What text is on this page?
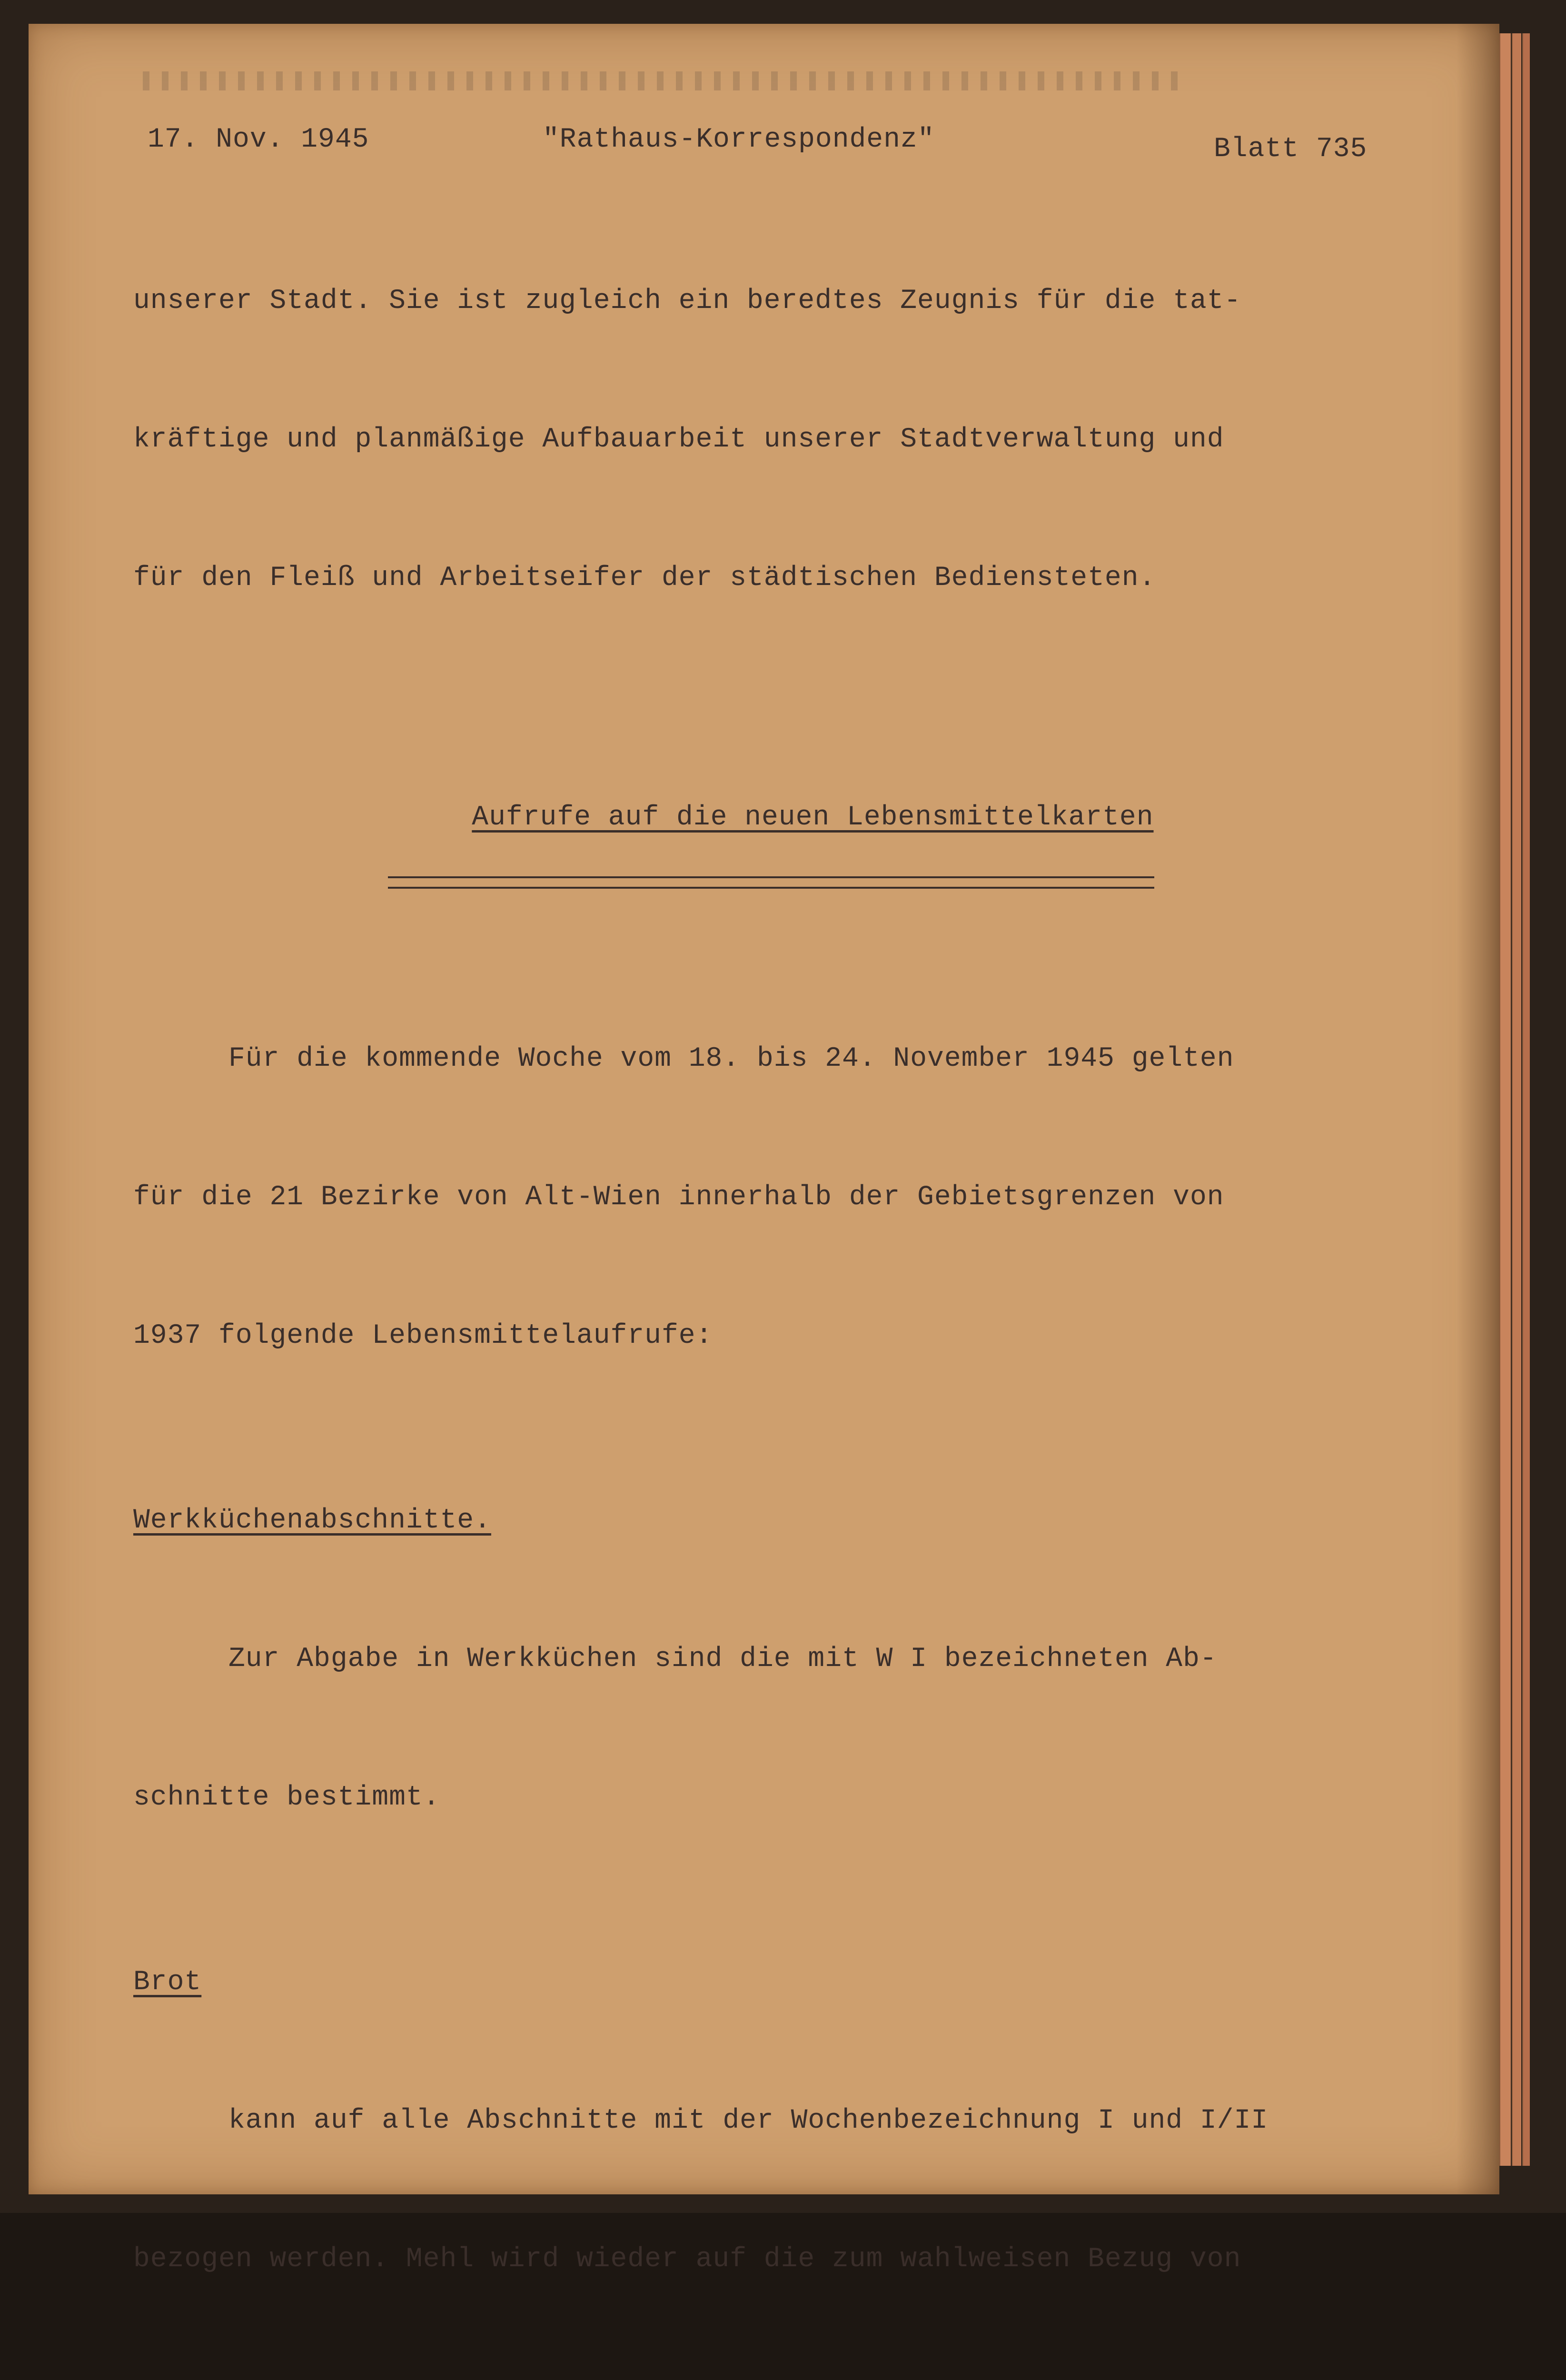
17. Nov. 1945

	"Rathaus-Korrespondenz"

	Blatt 735

unserer Stadt. Sie ist zugleich ein beredtes Zeugnis für die tat-

kräftige und planmäßige Aufbauarbeit unserer Stadtverwaltung und

für den Fleiß und Arbeitseifer der städtischen Bediensteten.

Aufrufe auf die neuen Lebensmittelkarten

Für die kommende Woche vom 18. bis 24. November 1945 gelten

für die 21 Bezirke von Alt-Wien innerhalb der Gebietsgrenzen von

1937 folgende Lebensmittelaufrufe:

Werkküchenabschnitte.

Zur Abgabe in Werkküchen sind die mit W I bezeichneten Ab-

schnitte bestimmt.

Brot

kann auf alle Abschnitte mit der Wochenbezeichnung I und I/II

bezogen werden. Mehl wird wieder auf die zum wahlweisen Bezug von
